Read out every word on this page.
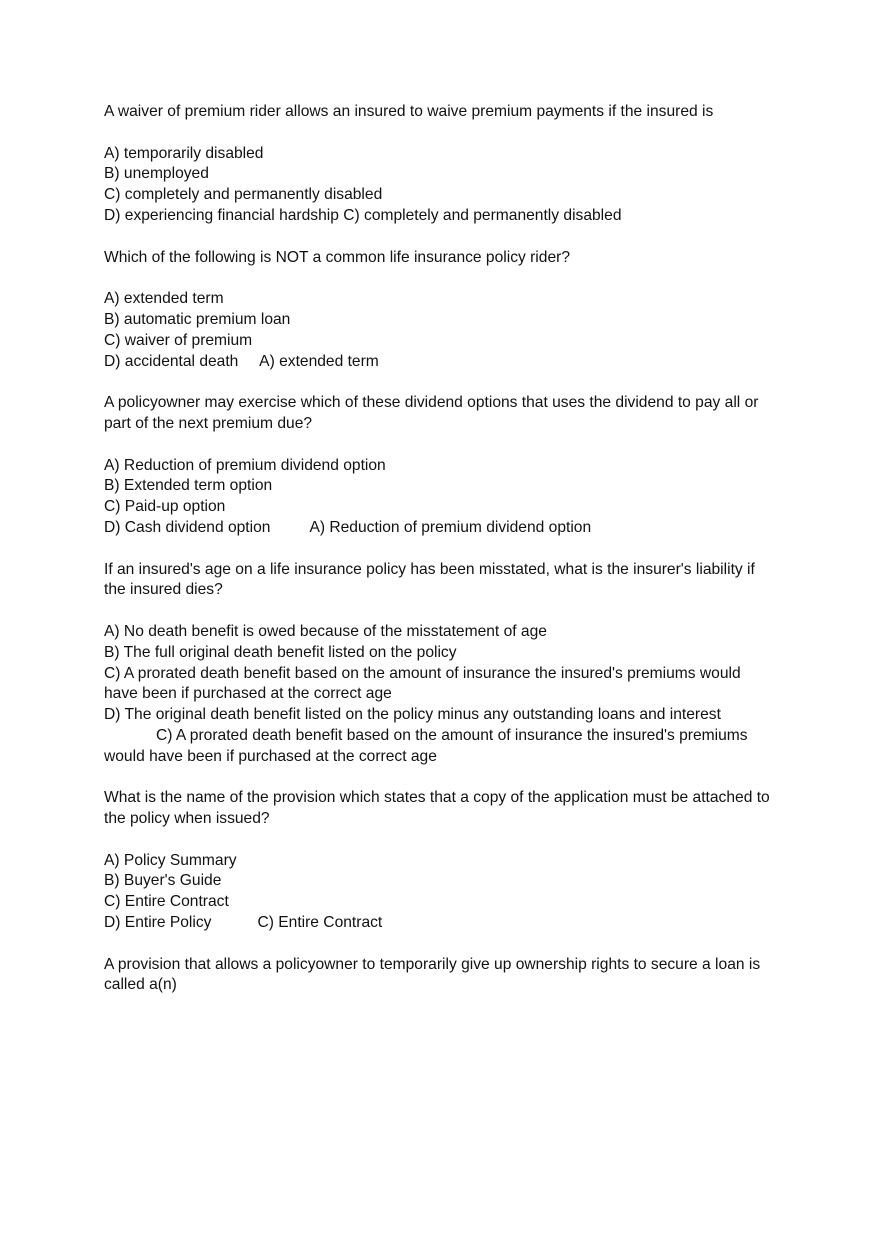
A waiver of premium rider allows an insured to waive premium payments if the insured is
A) temporarily disabled
B) unemployed
C) completely and permanently disabled
D) experiencing financial hardship C) completely and permanently disabled
Which of the following is NOT a common life insurance policy rider?
A) extended term
B) automatic premium loan
C) waiver of premium
D) accidental death A) extended term
A policyowner may exercise which of these dividend options that uses the dividend to pay all or part of the next premium due?
A) Reduction of premium dividend option
B) Extended term option
C) Paid-up option
D) Cash dividend option	A) Reduction of premium dividend option
If an insured's age on a life insurance policy has been misstated, what is the insurer's liability if the insured dies?
A) No death benefit is owed because of the misstatement of age
B) The full original death benefit listed on the policy
C) A prorated death benefit based on the amount of insurance the insured's premiums would have been if purchased at the correct age
D) The original death benefit listed on the policy minus any outstanding loans and interest
C) A prorated death benefit based on the amount of insurance the insured's premiums would have been if purchased at the correct age
What is the name of the provision which states that a copy of the application must be attached to the policy when issued?
A) Policy Summary
B) Buyer's Guide
C) Entire Contract
D) Entire Policy	C) Entire Contract
A provision that allows a policyowner to temporarily give up ownership rights to secure a loan is called a(n)
